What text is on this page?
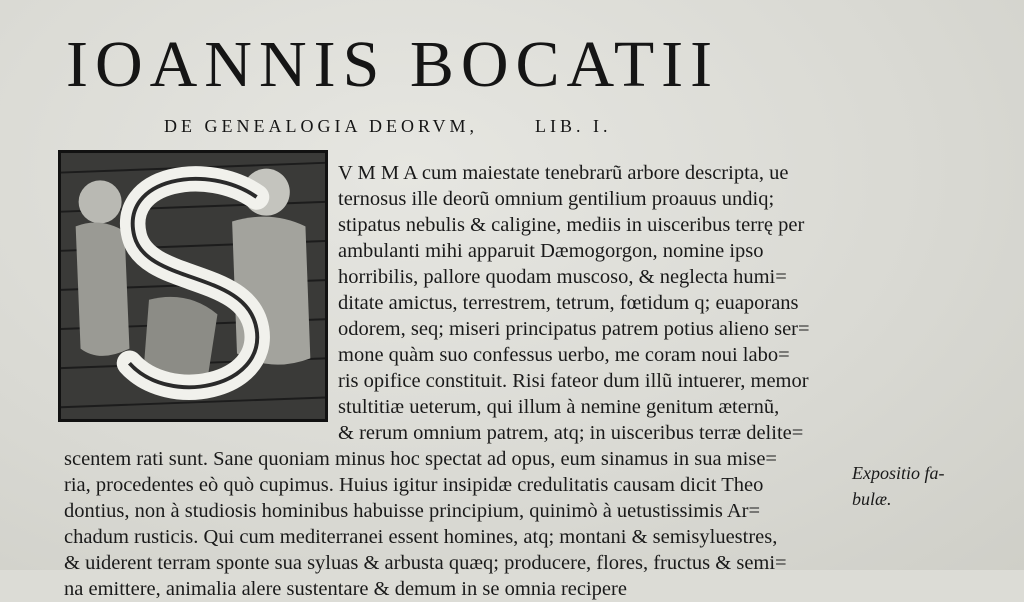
IOANNIS BOCATII
DE GENEALOGIA DEORVM,	LIB. I.
V M M A cum maiestate tenebrarũ arbore descripta, ue
ternosus ille deorũ omnium gentilium proauus undiq;
stipatus nebulis & caligine, mediis in uisceribus terrę per
ambulanti mihi apparuit Dæmogorgon, nomine ipso
horribilis, pallore quodam muscoso, & neglecta humi=
ditate amictus, terrestrem, tetrum, fœtidum q; euaporans
odorem, seq; miseri principatus patrem potius alieno ser=
mone quàm suo confessus uerbo, me coram noui labo=
ris opifice constituit. Risi fateor dum illũ intuerer, memor
stultitiæ ueterum, qui illum à nemine genitum æternũ,
& rerum omnium patrem, atq; in uisceribus terræ delite=
scentem rati sunt. Sane quoniam minus hoc spectat ad opus, eum sinamus in sua mise=
ria, procedentes eò quò cupimus. Huius igitur insipidæ credulitatis causam dicit Theo
dontius, non à studiosis hominibus habuisse principium, quinimò à uetustissimis Ar=
chadum rusticis. Qui cum mediterranei essent homines, atq; montani & semisyluestres,
& uiderent terram sponte sua syluas & arbusta quæq; producere, flores, fructus & semi=
na emittere, animalia alere sustentare & demum in se omnia recipere
Expositio fa-
bulæ.
